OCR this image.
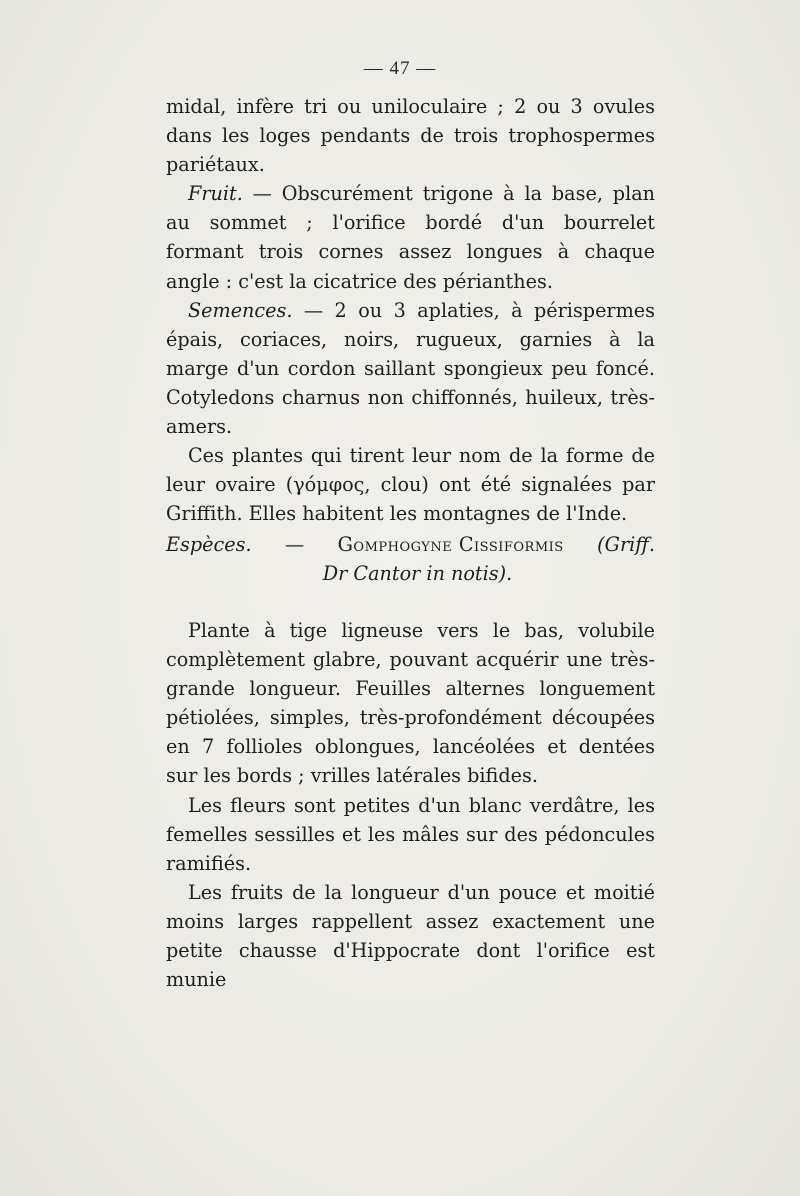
— 47 —

midal, infère tri ou uniloculaire ; 2 ou 3 ovules dans les loges pendants de trois trophospermes pariétaux.

Fruit. — Obscurément trigone à la base, plan au sommet ; l'orifice bordé d'un bourrelet formant trois cornes assez longues à chaque angle : c'est la cicatrice des périanthes.

Semences. — 2 ou 3 aplaties, à périspermes épais, coriaces, noirs, rugueux, garnies à la marge d'un cordon saillant spongieux peu foncé. Cotyledons charnus non chiffonnés, huileux, très-amers.

Ces plantes qui tirent leur nom de la forme de leur ovaire (γόμφος, clou) ont été signalées par Griffith. Elles habitent les montagnes de l'Inde.

Espèces. — Gomphogyne Cissiformis (Griff.
Dr Cantor in notis).

Plante à tige ligneuse vers le bas, volubile complètement glabre, pouvant acquérir une très-grande longueur. Feuilles alternes longuement pétiolées, simples, très-profondément découpées en 7 follioles oblongues, lancéolées et dentées sur les bords ; vrilles latérales bifides.

Les fleurs sont petites d'un blanc verdâtre, les femelles sessilles et les mâles sur des pédoncules ramifiés.

Les fruits de la longueur d'un pouce et moitié moins larges rappellent assez exactement une petite chausse d'Hippocrate dont l'orifice est munie
